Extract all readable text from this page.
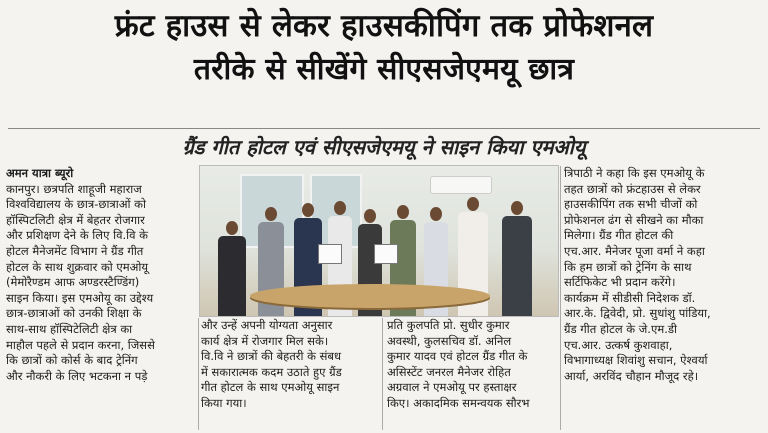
फ्रंट हाउस से लेकर हाउसकीपिंग तक प्रोफेशनल
तरीके से सीखेंगे सीएसजेएमयू छात्र
ग्रैंड गीत होटल एवं सीएसजेएमयू ने साइन किया एमओयू

अमन यात्रा ब्यूरो

कानपुर। छत्रपति शाहूजी महाराज

विश्वविद्यालय के छात्र-छात्राओं को

हॉस्पिटलिटी क्षेत्र में बेहतर रोजगार

और प्रशिक्षण देने के लिए वि.वि के

होटल मैनेजमेंट विभाग ने ग्रैंड गीत

होटल के साथ शुक्रवार को एमओयू

(मेमोरैण्डम आफ अण्डरस्टैण्डिंग)

साइन किया। इस एमओयू का उद्देश्य

छात्र-छात्राओं को उनकी शिक्षा के

साथ-साथ हॉस्पिटेलिटी क्षेत्र का

माहौल पहले से प्रदान करना, जिससे

कि छात्रों को कोर्स के बाद ट्रेनिंग

और नौकरी के लिए भटकना न पड़े

और उन्हें अपनी योग्यता अनुसार

कार्य क्षेत्र में रोजगार मिल सके।

वि.वि ने छात्रों की बेहतरी के संबध

में सकारात्मक कदम उठाते हुए ग्रैंड

गीत होटल के साथ एमओयू साइन

किया गया।

प्रति कुलपति प्रो. सुधीर कुमार

अवस्थी, कुलसचिव डॉ. अनिल

कुमार यादव एवं होटल ग्रैंड गीत के

असिस्टेंट जनरल मैनेजर रोहित

अग्रवाल ने एमओयू पर हस्ताक्षर

किए। अकादमिक समन्वयक सौरभ

त्रिपाठी ने कहा कि इस एमओयू के

तहत छात्रों को फ्रंटहाउस से लेकर

हाउसकीपिंग तक सभी चीजों को

प्रोफेशनल ढंग से सीखने का मौका

मिलेगा। ग्रैंड गीत होटल की

एच.आर. मैनेजर पूजा वर्मा ने कहा

कि हम छात्रों को ट्रेनिंग के साथ

सर्टिफिकेट भी प्रदान करेंगे।

कार्यक्रम में सीडीसी निदेशक डॉ.

आर.के. द्विवेदी, प्रो. सुधांशु पांडिया,

ग्रैंड गीत होटल के जे.एम.डी

एच.आर. उत्कर्ष कुशवाहा,

विभागाध्यक्ष शिवांशु सचान, ऐश्वर्या

आर्या, अरविंद चौहान मौजूद रहे।
